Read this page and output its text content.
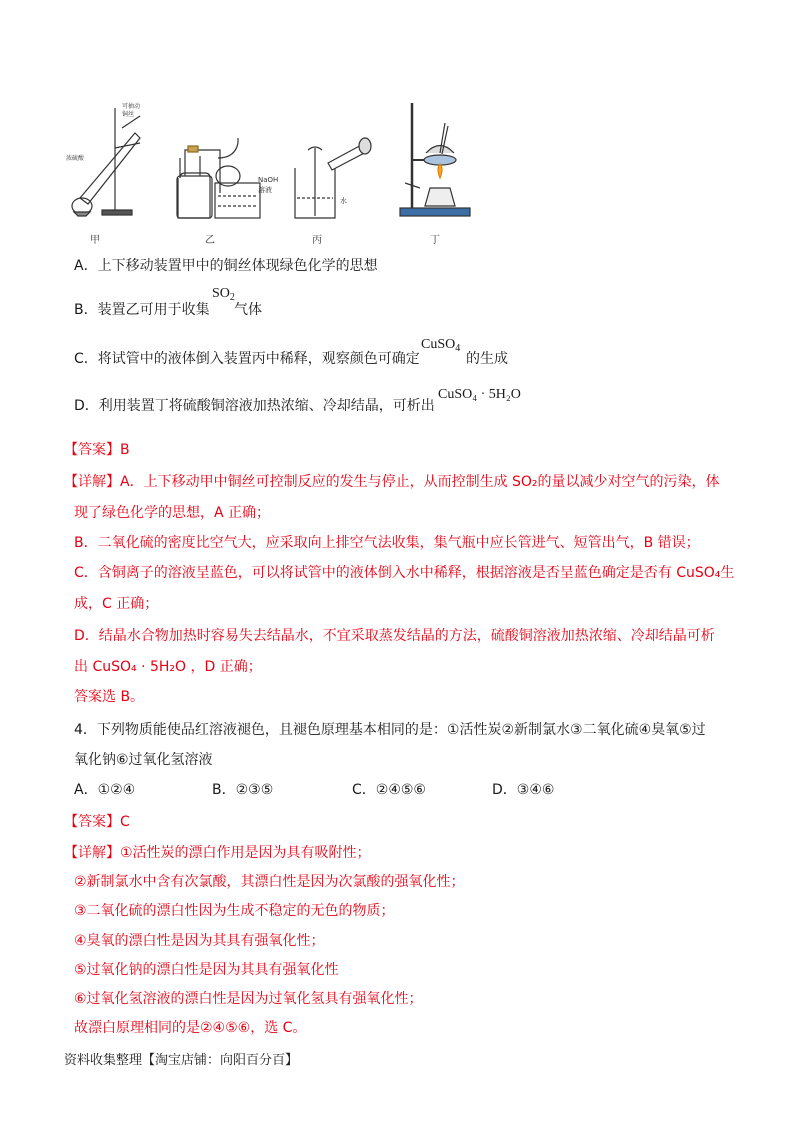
可抽动
铜丝
浓硫酸
NaOH
溶液
水
甲	乙	丙	丁
A．上下移动装置甲中的铜丝体现绿色化学的思想
B．装置乙可用于收集
$SO_2$
气体
C．将试管中的液体倒入装置丙中稀释，观察颜色可确定
CuSO$_4$
的生成
D．利用装置丁将硫酸铜溶液加热浓缩、冷却结晶，可析出
CuSO₄ · 5H₂O
【答案】B
【详解】A．上下移动甲中铜丝可控制反应的发生与停止，从而控制生成 SO₂的量以减少对空气的污染，体
现了绿色化学的思想，A 正确；
B．二氧化硫的密度比空气大，应采取向上排空气法收集，集气瓶中应长管进气、短管出气，B 错误；
C．含铜离子的溶液呈蓝色，可以将试管中的液体倒入水中稀释，根据溶液是否呈蓝色确定是否有 CuSO₄生
成，C 正确；
D．结晶水合物加热时容易失去结晶水，不宜采取蒸发结晶的方法，硫酸铜溶液加热浓缩、冷却结晶可析
出 CuSO₄ · 5H₂O ，D 正确；
答案选 B。
4．下列物质能使品红溶液褪色，且褪色原理基本相同的是：①活性炭②新制氯水③二氧化硫④臭氧⑤过
氧化钠⑥过氧化氢溶液
A．①②④	B．②③⑤	C．②④⑤⑥	D．③④⑥
【答案】C
【详解】①活性炭的漂白作用是因为具有吸附性；
②新制氯水中含有次氯酸，其漂白性是因为次氯酸的强氧化性；
③二氧化硫的漂白性因为生成不稳定的无色的物质；
④臭氧的漂白性是因为其具有强氧化性；
⑤过氧化钠的漂白性是因为其具有强氧化性
⑥过氧化氢溶液的漂白性是因为过氧化氢具有强氧化性；
故漂白原理相同的是②④⑤⑥，选 C。
资料收集整理【淘宝店铺：向阳百分百】
